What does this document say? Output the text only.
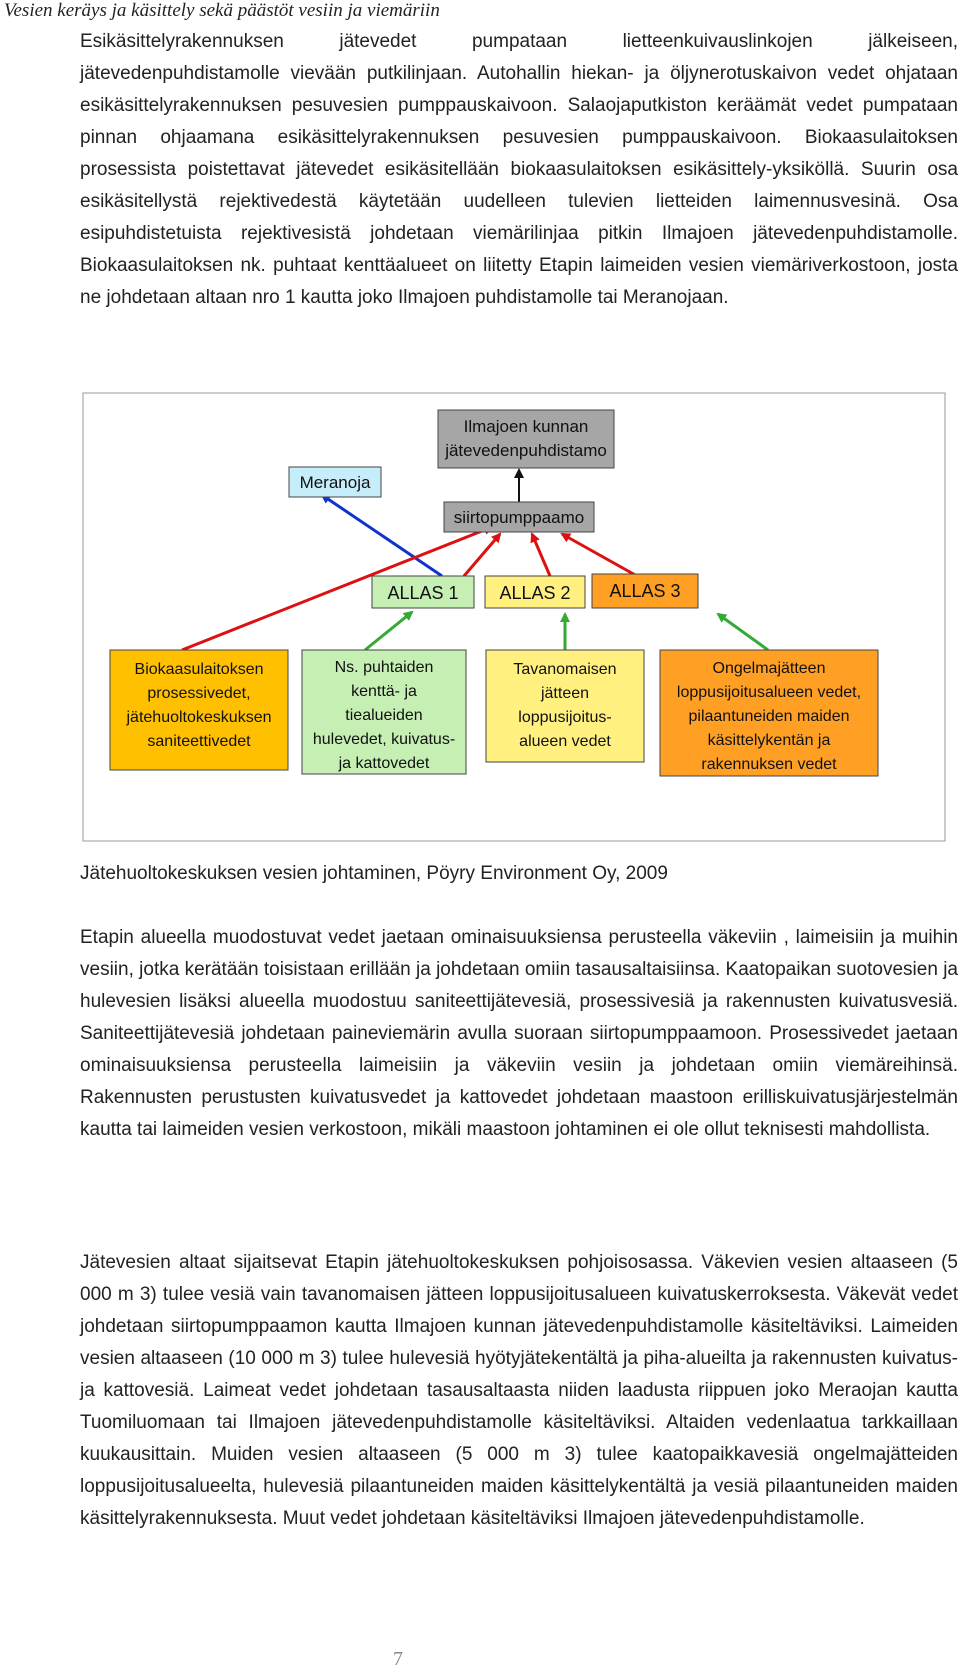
Vesien keräys ja käsittely sekä päästöt vesiin ja viemäriin

Esikäsittelyrakennuksen jätevedet pumpataan lietteenkuivauslinkojen jälkeiseen, jätevedenpuhdistamolle vievään putkilinjaan. Autohallin hiekan- ja öljynerotuskaivon vedet ohjataan esikäsittelyrakennuksen pesuvesien pumppauskaivoon. Salaojaputkiston keräämät vedet pumpataan pinnan ohjaamana esikäsittelyrakennuksen pesuvesien pumppauskaivoon. Biokaasulaitoksen prosessista poistettavat jätevedet esikäsitellään biokaasulaitoksen esikäsittely-yksiköllä. Suurin osa esikäsitellystä rejektivedestä käytetään uudelleen tulevien lietteiden laimennusvesinä. Osa esipuhdistetuista rejektivesistä johdetaan viemärilinjaa pitkin Ilmajoen jätevedenpuhdistamolle. Biokaasulaitoksen nk. puhtaat kenttäalueet on liitetty Etapin laimeiden vesien viemäriverkostoon, josta ne johdetaan altaan nro 1 kautta joko Ilmajoen puhdistamolle tai Meranojaan.

Ilmajoen kunnan
jätevedenpuhdistamo
Meranoja
siirtopumppaamo
ALLAS 1 ALLAS 2 ALLAS 3
Biokaasulaitoksen
prosessivedet,
jätehuoltokeskuksen
saniteettivedet
Ns. puhtaiden
kenttä- ja
tiealueiden
hulevedet, kuivatus-
ja kattovedet
Tavanomaisen
jätteen
loppusijoitus-
alueen vedet
Ongelmajätteen
loppusijoitusalueen vedet,
pilaantuneiden maiden
käsittelykentän ja
rakennuksen vedet
Jätehuoltokeskuksen vesien johtaminen, Pöyry Environment Oy, 2009

Etapin alueella muodostuvat vedet jaetaan ominaisuuksiensa perusteella väkeviin , laimeisiin ja muihin vesiin, jotka kerätään toisistaan erillään ja johdetaan omiin tasausaltaisiinsa. Kaatopaikan suotovesien ja hulevesien lisäksi alueella muodostuu saniteettijätevesiä, prosessivesiä ja rakennusten kuivatusvesiä. Saniteettijätevesiä johdetaan paineviemärin avulla suoraan siirtopumppaamoon. Prosessivedet jaetaan ominaisuuksiensa perusteella laimeisiin ja väkeviin vesiin ja johdetaan omiin viemäreihinsä. Rakennusten perustusten kuivatusvedet ja kattovedet johdetaan maastoon erilliskuivatusjärjestelmän kautta tai laimeiden vesien verkostoon, mikäli maastoon johtaminen ei ole ollut teknisesti mahdollista.

Jätevesien altaat sijaitsevat Etapin jätehuoltokeskuksen pohjoisosassa. Väkevien vesien altaaseen (5 000 m 3) tulee vesiä vain tavanomaisen jätteen loppusijoitusalueen kuivatuskerroksesta. Väkevät vedet johdetaan siirtopumppaamon kautta Ilmajoen kunnan jätevedenpuhdistamolle käsiteltäviksi. Laimeiden vesien altaaseen (10 000 m 3) tulee hulevesiä hyötyjätekentältä ja piha-alueilta ja rakennusten kuivatus- ja kattovesiä. Laimeat vedet johdetaan tasausaltaasta niiden laadusta riippuen joko Meraojan kautta Tuomiluomaan tai Ilmajoen jätevedenpuhdistamolle käsiteltäviksi. Altaiden vedenlaatua tarkkaillaan kuukausittain. Muiden vesien altaaseen (5 000 m 3) tulee kaatopaikkavesiä ongelmajätteiden loppusijoitusalueelta, hulevesiä pilaantuneiden maiden käsittelykentältä ja vesiä pilaantuneiden maiden käsittelyrakennuksesta. Muut vedet johdetaan käsiteltäviksi Ilmajoen jätevedenpuhdistamolle.

7
